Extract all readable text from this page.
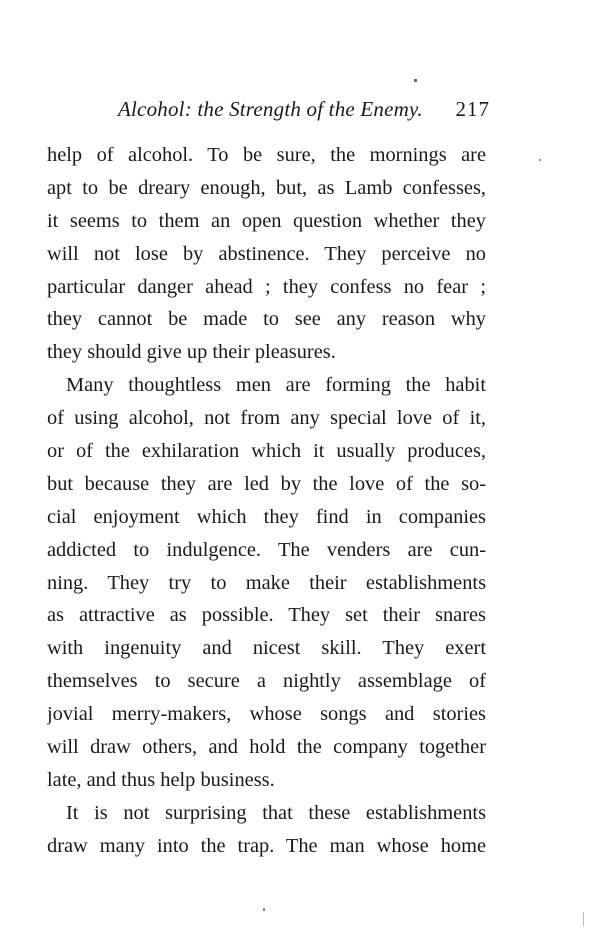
Alcohol: the Strength of the Enemy. 217
help of alcohol. To be sure, the mornings are
apt to be dreary enough, but, as Lamb confesses,
it seems to them an open question whether they
will not lose by abstinence. They perceive no
particular danger ahead ; they confess no fear ;
they cannot be made to see any reason why
they should give up their pleasures.
Many thoughtless men are forming the habit
of using alcohol, not from any special love of it,
or of the exhilaration which it usually produces,
but because they are led by the love of the so-
cial enjoyment which they find in companies
addicted to indulgence. The venders are cun-
ning. They try to make their establishments
as attractive as possible. They set their snares
with ingenuity and nicest skill. They exert
themselves to secure a nightly assemblage of
jovial merry-makers, whose songs and stories
will draw others, and hold the company together
late, and thus help business.
It is not surprising that these establishments
draw many into the trap. The man whose home
